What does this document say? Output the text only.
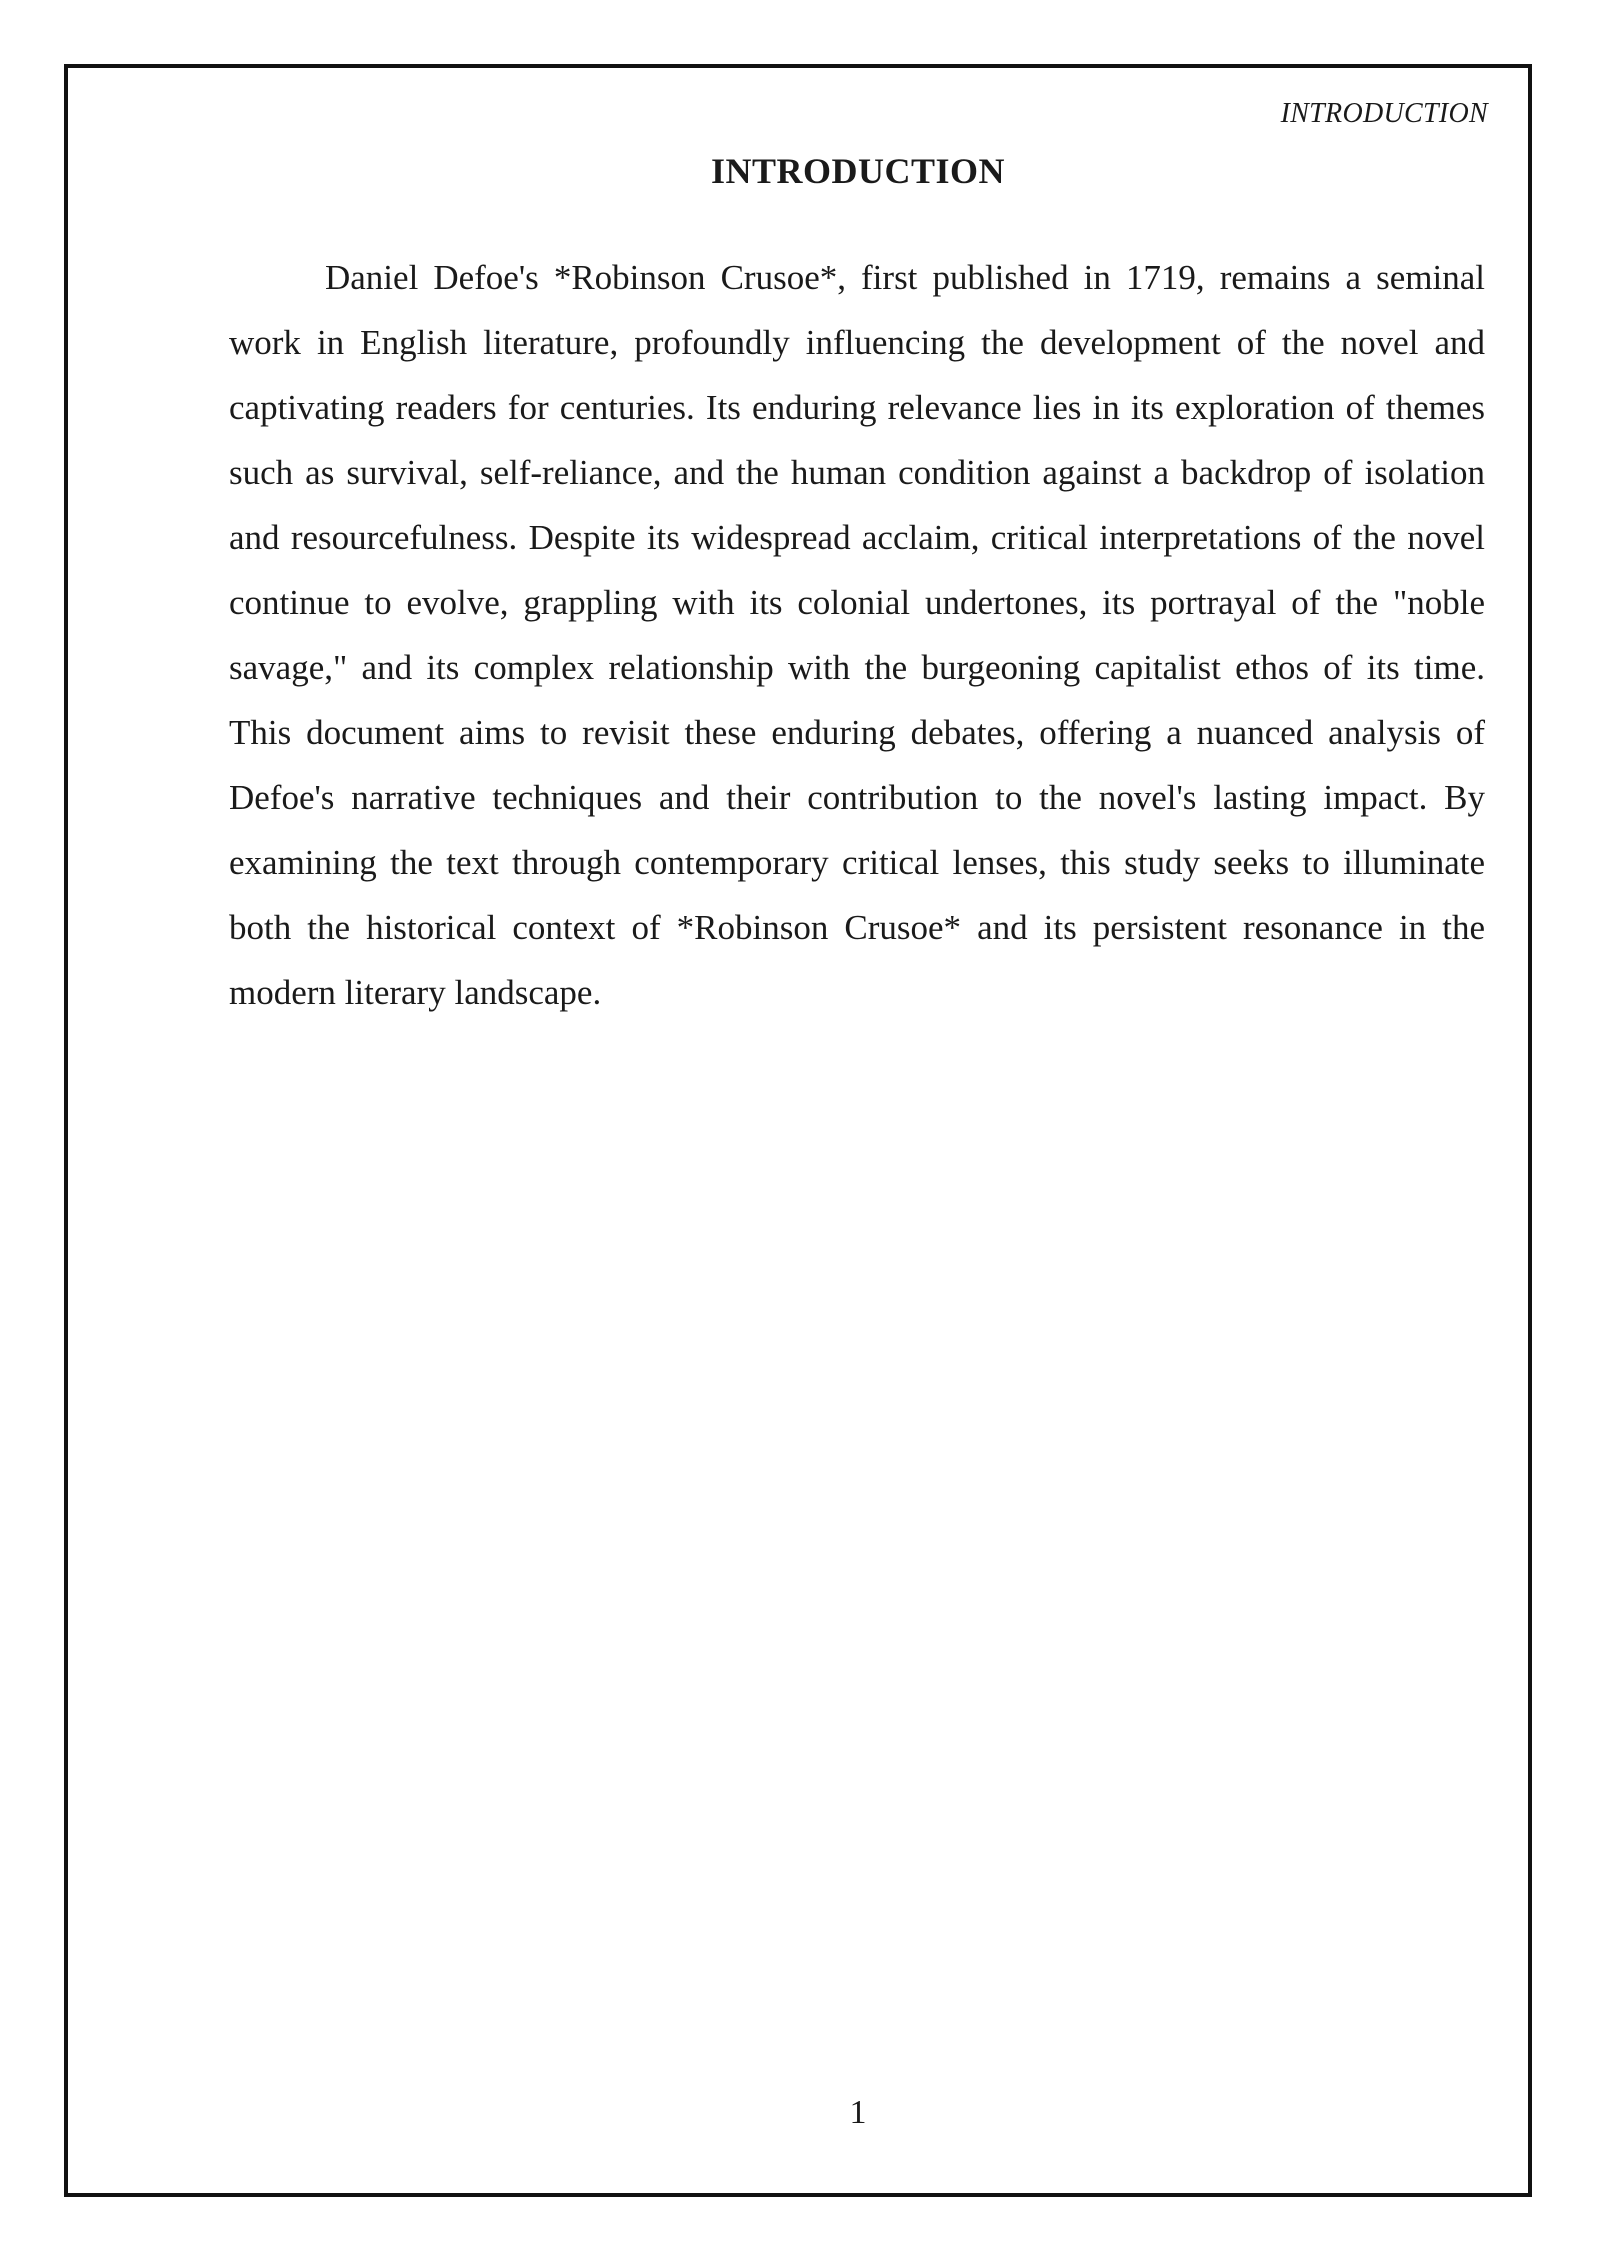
INTRODUCTION
INTRODUCTION

Daniel Defoe's *Robinson Crusoe*, first published in 1719, remains a seminal work in English literature, profoundly influencing the development of the novel and captivating readers for centuries. Its enduring relevance lies in its exploration of themes such as survival, self-reliance, and the human condition against a backdrop of isolation and resourcefulness. Despite its widespread acclaim, critical interpretations of the novel continue to evolve, grappling with its colonial undertones, its portrayal of the "noble savage," and its complex relationship with the burgeoning capitalist ethos of its time. This document aims to revisit these enduring debates, offering a nuanced analysis of Defoe's narrative techniques and their contribution to the novel's lasting impact. By examining the text through contemporary critical lenses, this study seeks to illuminate both the historical context of *Robinson Crusoe* and its persistent resonance in the modern literary landscape.

1
